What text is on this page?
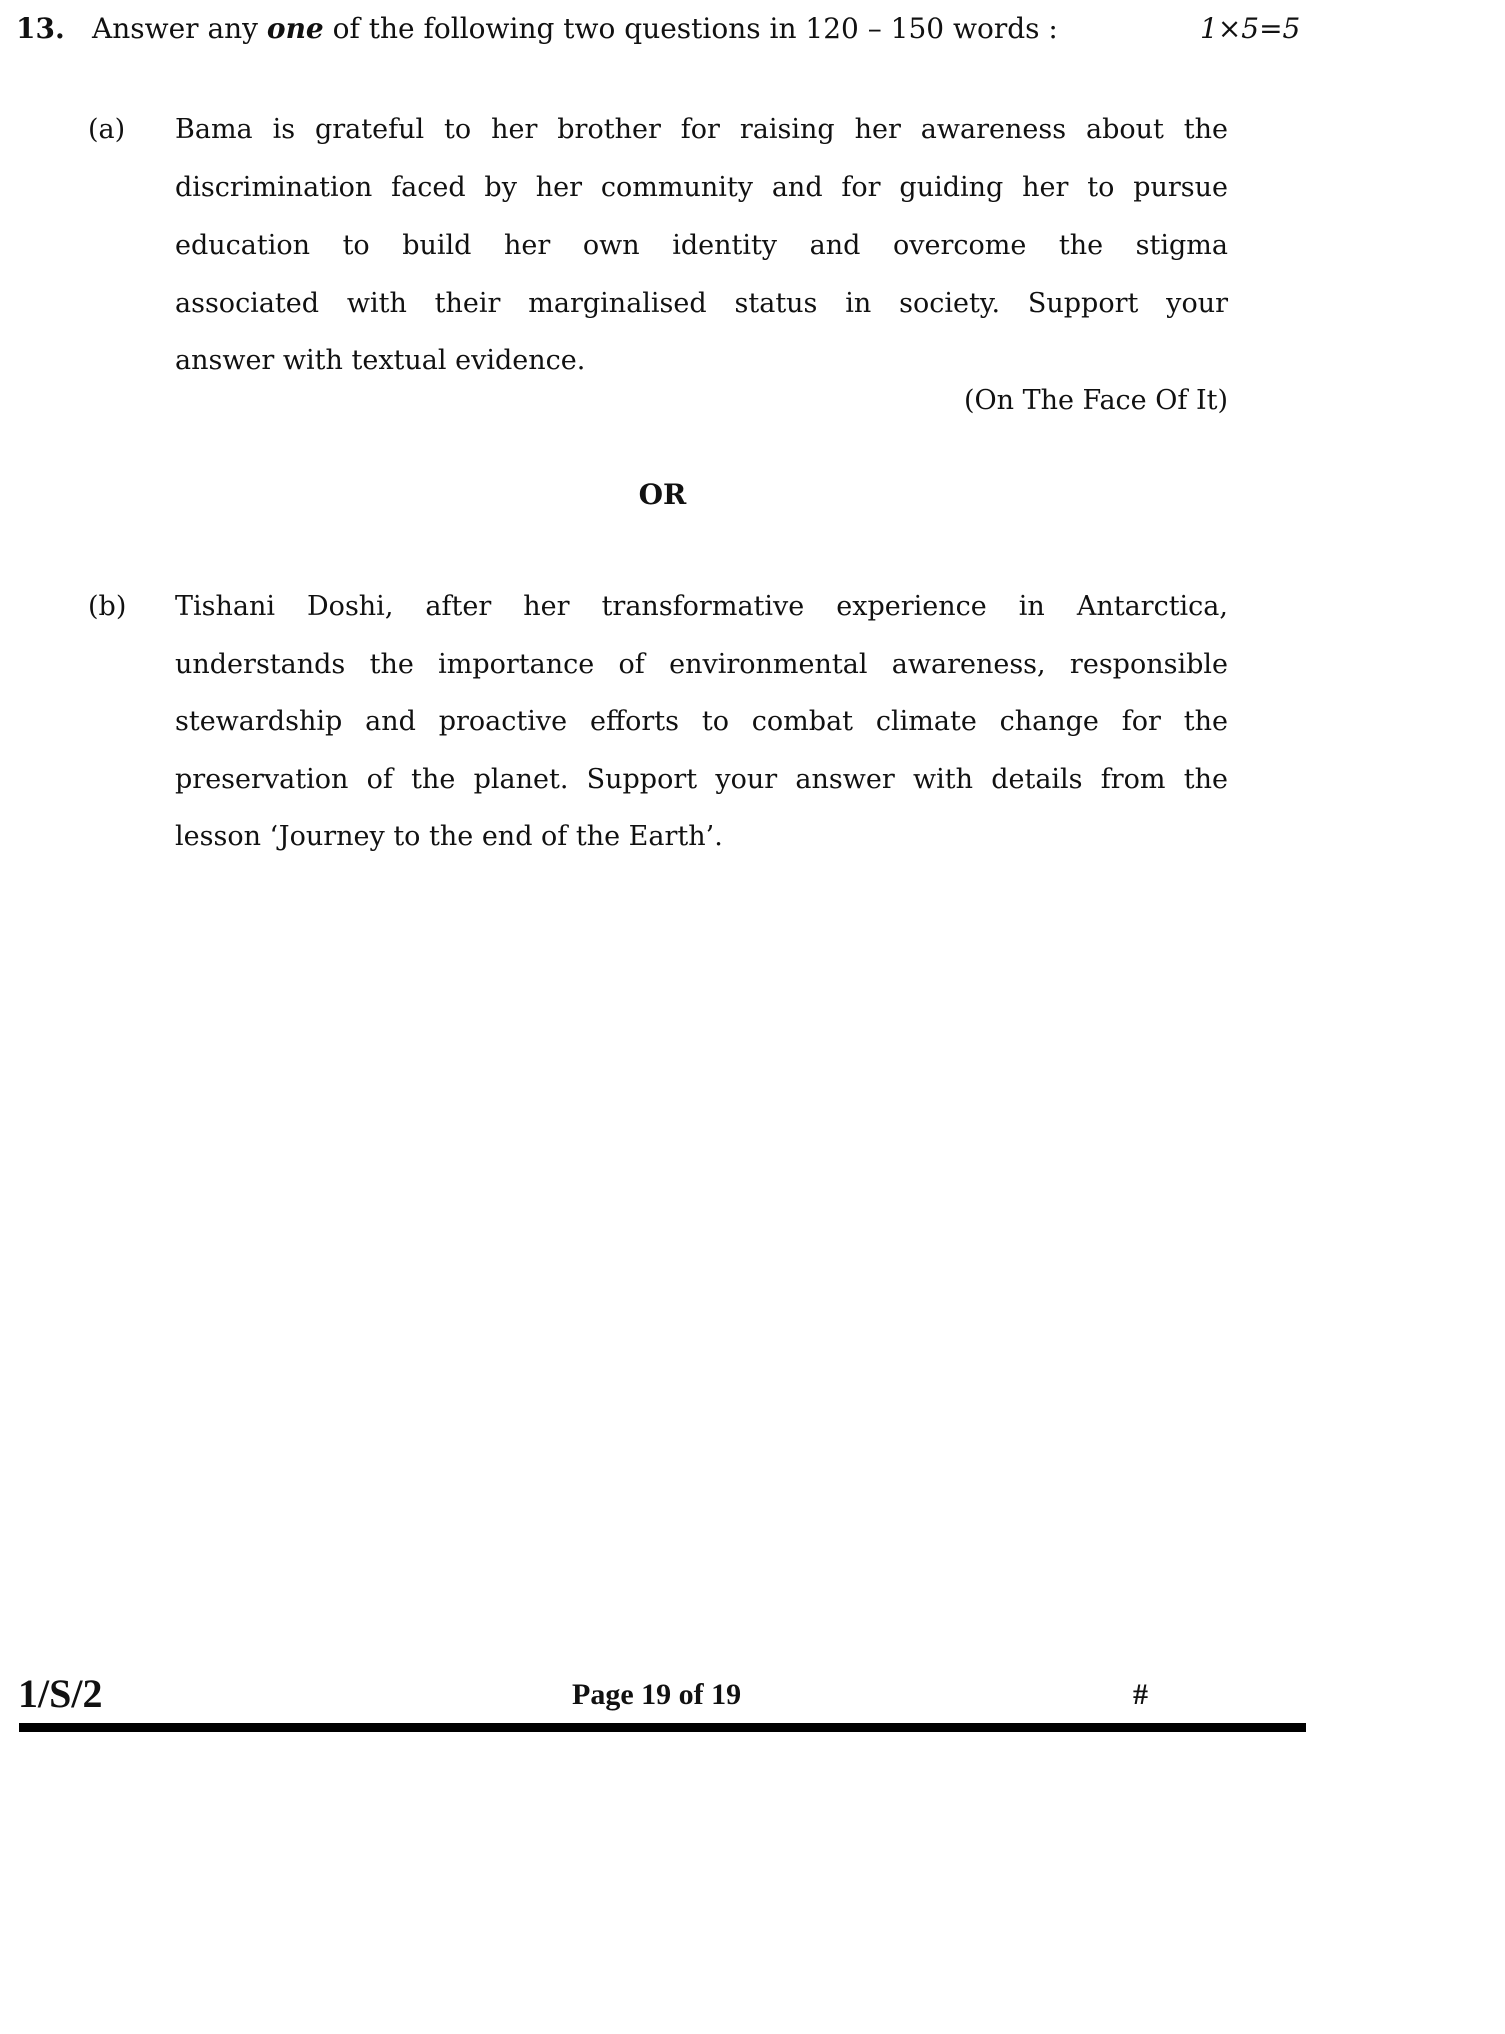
13. Answer any one of the following two questions in 120 – 150 words :	1×5=5
(a) Bama is grateful to her brother for raising her awareness about the
discrimination faced by her community and for guiding her to pursue
education to build her own identity and overcome the stigma
associated with their marginalised status in society. Support your
answer with textual evidence.
(On The Face Of It)
OR
(b) Tishani Doshi, after her transformative experience in Antarctica,
understands the importance of environmental awareness, responsible
stewardship and proactive efforts to combat climate change for the
preservation of the planet. Support your answer with details from the
lesson ‘Journey to the end of the Earth’.
1/S/2	Page 19 of 19	#
